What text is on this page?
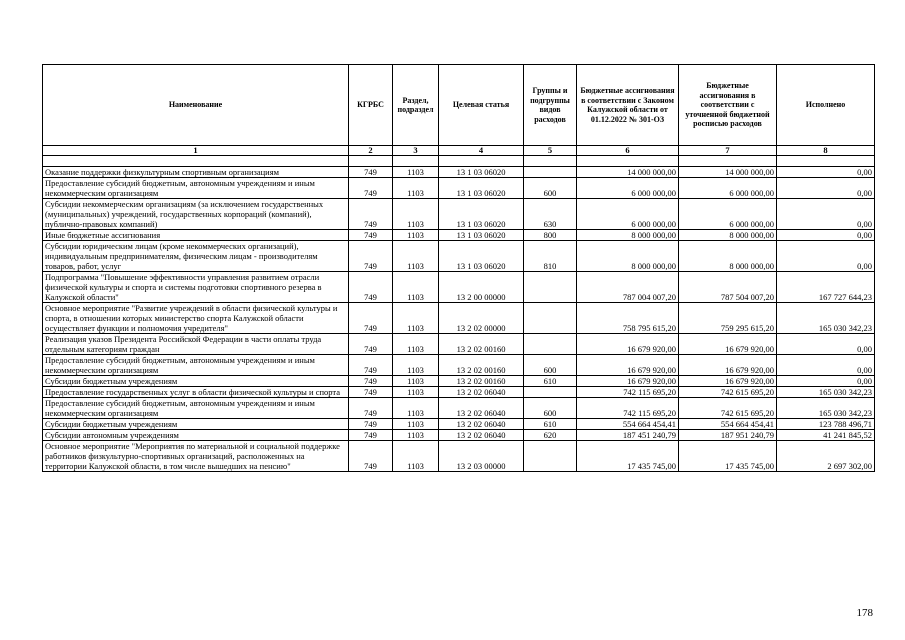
Наименование	КГРБС	Раздел, подраздел	Целевая статья	Группы и подгруппы видов расходов	Бюджетные ассигнования в соответствии с Законом Калужской области от 01.12.2022 № 301-ОЗ	Бюджетные ассигнования в соответствии с уточненной бюджетной росписью расходов	Исполнено
1	2	3	4	5	6	7	8

Оказание поддержки физкультурным спортивным организациям	749	1103	13 1 03 06020		14 000 000,00	14 000 000,00	0,00
Предоставление субсидий бюджетным, автономным учреждениям и иным некоммерческим организациям	749	1103	13 1 03 06020	600	6 000 000,00	6 000 000,00	0,00
Субсидии некоммерческим организациям (за исключением государственных (муниципальных) учреждений, государственных корпораций (компаний), публично-правовых компаний)	749	1103	13 1 03 06020	630	6 000 000,00	6 000 000,00	0,00
Иные бюджетные ассигнования	749	1103	13 1 03 06020	800	8 000 000,00	8 000 000,00	0,00
Субсидии юридическим лицам (кроме некоммерческих организаций), индивидуальным предпринимателям, физическим лицам - производителям товаров, работ, услуг	749	1103	13 1 03 06020	810	8 000 000,00	8 000 000,00	0,00
Подпрограмма "Повышение эффективности управления развитием отрасли физической культуры и спорта и системы подготовки спортивного резерва в Калужской области"	749	1103	13 2 00 00000		787 004 007,20	787 504 007,20	167 727 644,23
Основное мероприятие "Развитие учреждений в области физической культуры и спорта, в отношении которых министерство спорта Калужской области осуществляет функции и полномочия учредителя"	749	1103	13 2 02 00000		758 795 615,20	759 295 615,20	165 030 342,23
Реализация указов Президента Российской Федерации в части оплаты труда отдельным категориям граждан	749	1103	13 2 02 00160		16 679 920,00	16 679 920,00	0,00
Предоставление субсидий бюджетным, автономным учреждениям и иным некоммерческим организациям	749	1103	13 2 02 00160	600	16 679 920,00	16 679 920,00	0,00
Субсидии бюджетным учреждениям	749	1103	13 2 02 00160	610	16 679 920,00	16 679 920,00	0,00
Предоставление государственных услуг в области физической культуры и спорта	749	1103	13 2 02 06040		742 115 695,20	742 615 695,20	165 030 342,23
Предоставление субсидий бюджетным, автономным учреждениям и иным некоммерческим организациям	749	1103	13 2 02 06040	600	742 115 695,20	742 615 695,20	165 030 342,23
Субсидии бюджетным учреждениям	749	1103	13 2 02 06040	610	554 664 454,41	554 664 454,41	123 788 496,71
Субсидии автономным учреждениям	749	1103	13 2 02 06040	620	187 451 240,79	187 951 240,79	41 241 845,52
Основное мероприятие "Мероприятия по материальной и социальной поддержке работников физкультурно-спортивных организаций, расположенных на территории Калужской области, в том числе вышедших на пенсию"	749	1103	13 2 03 00000		17 435 745,00	17 435 745,00	2 697 302,00
178
